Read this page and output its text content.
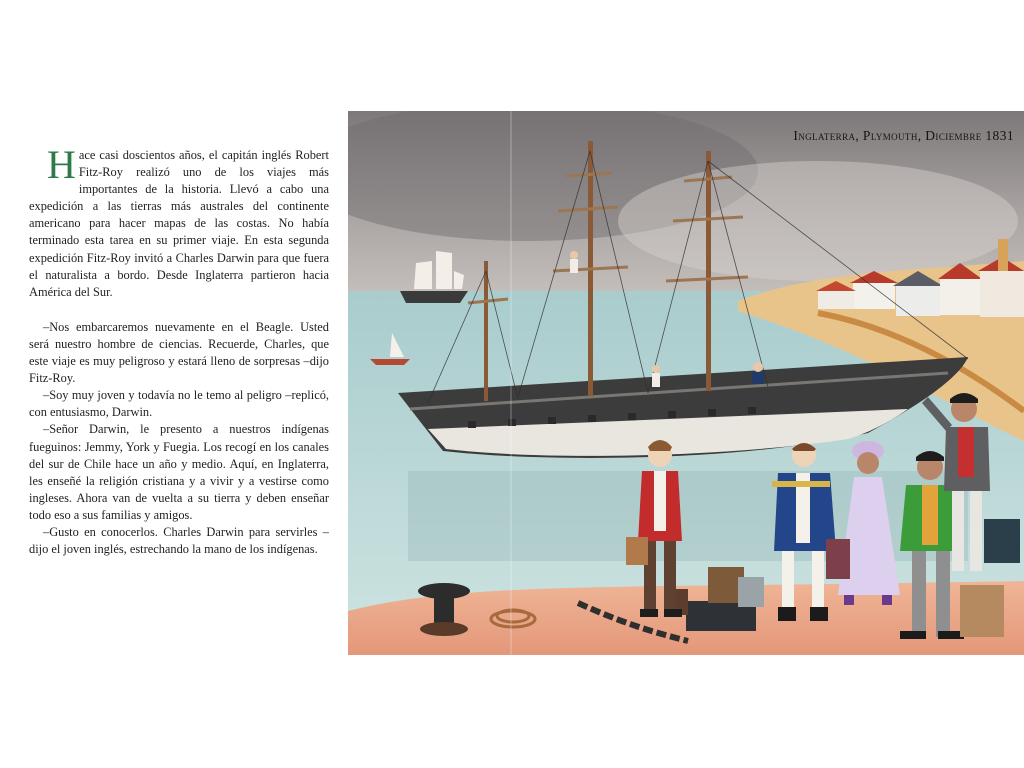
Hace casi doscientos años, el capitán inglés Robert Fitz-Roy realizó uno de los viajes más importantes de la historia. Llevó a cabo una expedición a las tierras más australes del continente americano para hacer mapas de las costas. No había terminado esta tarea en su primer viaje. En esta segunda expedición Fitz-Roy invitó a Charles Darwin para que fuera el naturalista a bordo. Desde Inglaterra partieron hacia América del Sur.

–Nos embarcaremos nuevamente en el Beagle. Usted será nuestro hombre de ciencias. Recuerde, Charles, que este viaje es muy peligroso y estará lleno de sorpresas –dijo Fitz-Roy.

–Soy muy joven y todavía no le temo al peligro –replicó, con entusiasmo, Darwin.

–Señor Darwin, le presento a nuestros indígenas fueguinos: Jemmy, York y Fuegia. Los recogí en los canales del sur de Chile hace un año y medio. Aquí, en Inglaterra, les enseñé la religión cristiana y a vivir y a vestirse como ingleses. Ahora van de vuelta a su tierra y deben enseñar todo eso a sus familias y amigos.

–Gusto en conocerlos. Charles Darwin para servirles –dijo el joven inglés, estrechando la mano de los indígenas.

Inglaterra, Plymouth, Diciembre 1831
